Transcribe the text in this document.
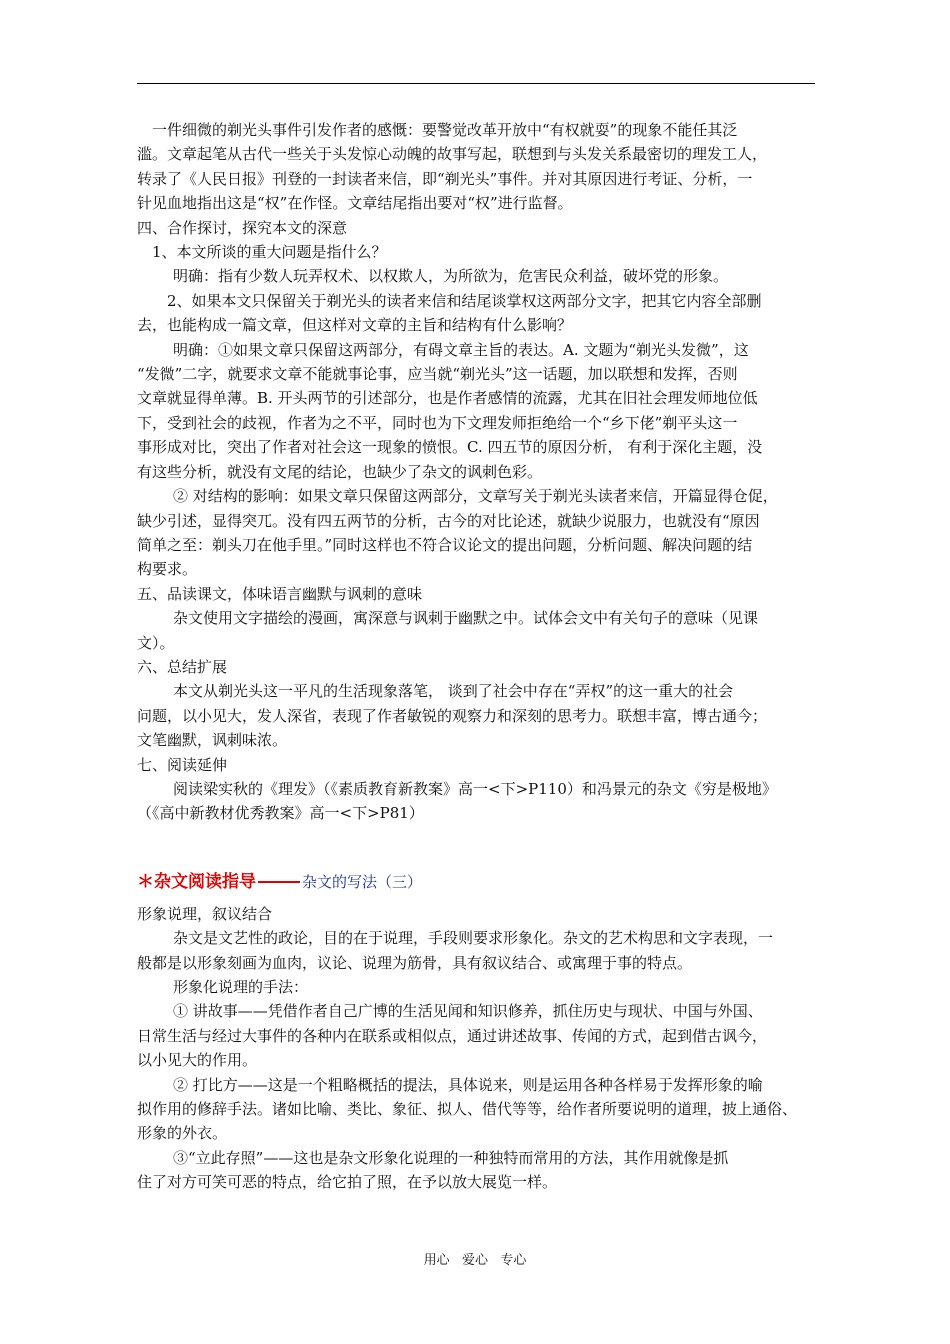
一件细微的剃光头事件引发作者的感慨：要警觉改革开放中“有权就耍”的现象不能任其泛
滥。文章起笔从古代一些关于头发惊心动魄的故事写起，联想到与头发关系最密切的理发工人，
转录了《人民日报》刊登的一封读者来信，即“剃光头”事件。并对其原因进行考证、分析，一
针见血地指出这是“权”在作怪。文章结尾指出要对“权”进行监督。
四、合作探讨，探究本文的深意
1、本文所谈的重大问题是指什么？
明确：指有少数人玩弄权术、以权欺人，为所欲为，危害民众利益，破坏党的形象。
2、如果本文只保留关于剃光头的读者来信和结尾谈掌权这两部分文字，把其它内容全部删
去，也能构成一篇文章，但这样对文章的主旨和结构有什么影响？
明确：①如果文章只保留这两部分，有碍文章主旨的表达。A. 文题为“剃光头发微”，这
“发微”二字，就要求文章不能就事论事，应当就“剃光头”这一话题，加以联想和发挥，否则
文章就显得单薄。B. 开头两节的引述部分，也是作者感情的流露，尤其在旧社会理发师地位低
下，受到社会的歧视，作者为之不平，同时也为下文理发师拒绝给一个“乡下佬”剃平头这一
事形成对比，突出了作者对社会这一现象的愤恨。C. 四五节的原因分析， 有利于深化主题，没
有这些分析，就没有文尾的结论，也缺少了杂文的讽刺色彩。
② 对结构的影响：如果文章只保留这两部分，文章写关于剃光头读者来信，开篇显得仓促，
缺少引述，显得突兀。没有四五两节的分析，古今的对比论述，就缺少说服力，也就没有“原因
简单之至：剃头刀在他手里。”同时这样也不符合议论文的提出问题，分析问题、解决问题的结
构要求。
五、品读课文，体味语言幽默与讽刺的意味
杂文使用文字描绘的漫画，寓深意与讽刺于幽默之中。试体会文中有关句子的意味（见课
文）。
六、总结扩展
本文从剃光头这一平凡的生活现象落笔， 谈到了社会中存在“弄权”的这一重大的社会
问题，以小见大，发人深省，表现了作者敏锐的观察力和深刻的思考力。联想丰富，博古通今；
文笔幽默，讽刺味浓。
七、阅读延伸
阅读梁实秋的《理发》（《素质教育新教案》高一<下>P110）和冯景元的杂文《穷是极地》
（《高中新教材优秀教案》高一<下>P81）
＊杂文阅读指导	杂文的写法（三）
形象说理，叙议结合
杂文是文艺性的政论，目的在于说理，手段则要求形象化。杂文的艺术构思和文字表现，一
般都是以形象刻画为血肉，议论、说理为筋骨，具有叙议结合、或寓理于事的特点。
形象化说理的手法：
① 讲故事——凭借作者自己广博的生活见闻和知识修养，抓住历史与现状、中国与外国、
日常生活与经过大事件的各种内在联系或相似点，通过讲述故事、传闻的方式，起到借古讽今，
以小见大的作用。
② 打比方——这是一个粗略概括的提法，具体说来，则是运用各种各样易于发挥形象的喻
拟作用的修辞手法。诸如比喻、类比、象征、拟人、借代等等，给作者所要说明的道理，披上通俗、
形象的外衣。
③“立此存照”——这也是杂文形象化说理的一种独特而常用的方法，其作用就像是抓
住了对方可笑可恶的特点，给它拍了照，在予以放大展览一样。
用心   爱心   专心
